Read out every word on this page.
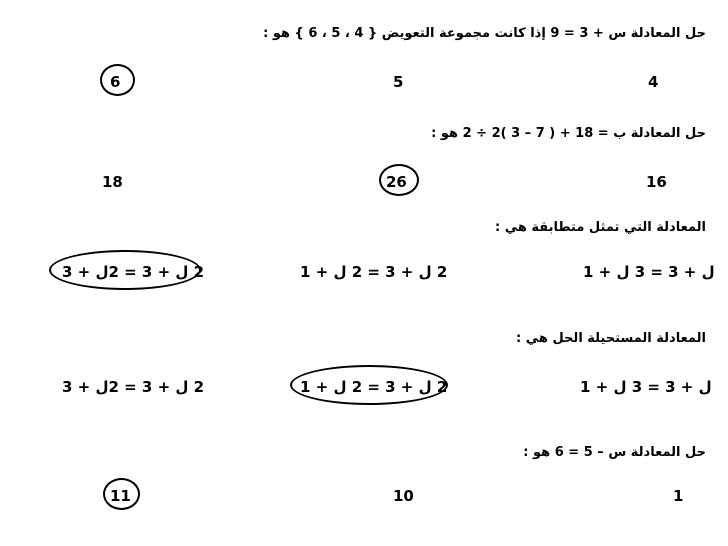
حل المعادلة س + 3 = 9 إذا كانت مجموعة التعويض { 4 ، 5 ، 6 } هو :
4
5
6
حل المعادلة ب = 18 + ( 7 – 3 )2 ÷ 2 هو :
16
26
18
المعادلة التي تمثل متطابقة هي :
ل + 3 = 3 ل + 1
2 ل + 3 = 2 ل + 1
2 ل + 3 = 2ل + 3
المعادلة المستحيلة الحل هي :
ل + 3 = 3 ل + 1
2 ل + 3 = 2 ل + 1
2 ل + 3 = 2ل + 3
حل المعادلة س – 5 = 6 هو :
1
10
11
